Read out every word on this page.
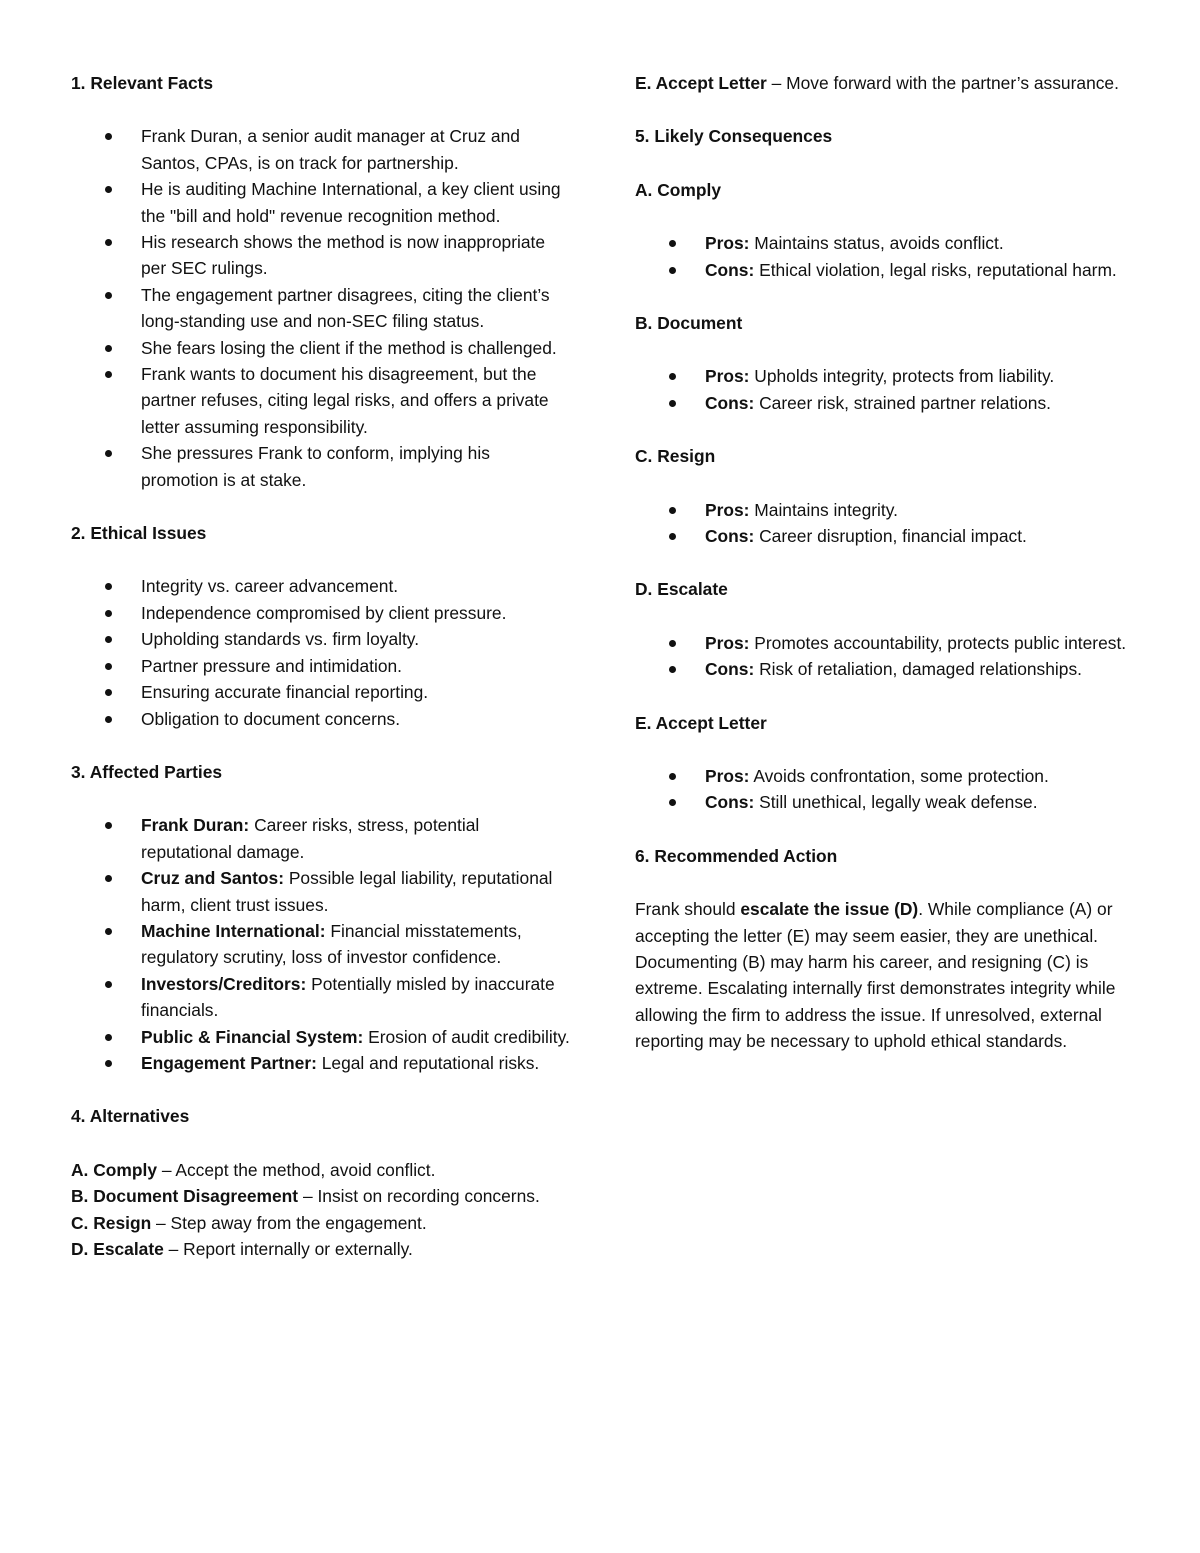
1. Relevant Facts
Frank Duran, a senior audit manager at Cruz and Santos, CPAs, is on track for partnership.
He is auditing Machine International, a key client using the "bill and hold" revenue recognition method.
His research shows the method is now inappropriate per SEC rulings.
The engagement partner disagrees, citing the client’s long-standing use and non-SEC filing status.
She fears losing the client if the method is challenged.
Frank wants to document his disagreement, but the partner refuses, citing legal risks, and offers a private letter assuming responsibility.
She pressures Frank to conform, implying his promotion is at stake.
2. Ethical Issues
Integrity vs. career advancement.
Independence compromised by client pressure.
Upholding standards vs. firm loyalty.
Partner pressure and intimidation.
Ensuring accurate financial reporting.
Obligation to document concerns.
3. Affected Parties
Frank Duran: Career risks, stress, potential reputational damage.
Cruz and Santos: Possible legal liability, reputational harm, client trust issues.
Machine International: Financial misstatements, regulatory scrutiny, loss of investor confidence.
Investors/Creditors: Potentially misled by inaccurate financials.
Public & Financial System: Erosion of audit credibility.
Engagement Partner: Legal and reputational risks.
4. Alternatives

A. Comply – Accept the method, avoid conflict.

B. Document Disagreement – Insist on recording concerns.

C. Resign – Step away from the engagement.

D. Escalate – Report internally or externally.

E. Accept Letter – Move forward with the partner’s assurance.

5. Likely Consequences
A. Comply
Pros: Maintains status, avoids conflict.
Cons: Ethical violation, legal risks, reputational harm.
B. Document
Pros: Upholds integrity, protects from liability.
Cons: Career risk, strained partner relations.
C. Resign
Pros: Maintains integrity.
Cons: Career disruption, financial impact.
D. Escalate
Pros: Promotes accountability, protects public interest.
Cons: Risk of retaliation, damaged relationships.
E. Accept Letter
Pros: Avoids confrontation, some protection.
Cons: Still unethical, legally weak defense.
6. Recommended Action

Frank should escalate the issue (D). While compliance (A) or accepting the letter (E) may seem easier, they are unethical. Documenting (B) may harm his career, and resigning (C) is extreme. Escalating internally first demonstrates integrity while allowing the firm to address the issue. If unresolved, external reporting may be necessary to uphold ethical standards.
